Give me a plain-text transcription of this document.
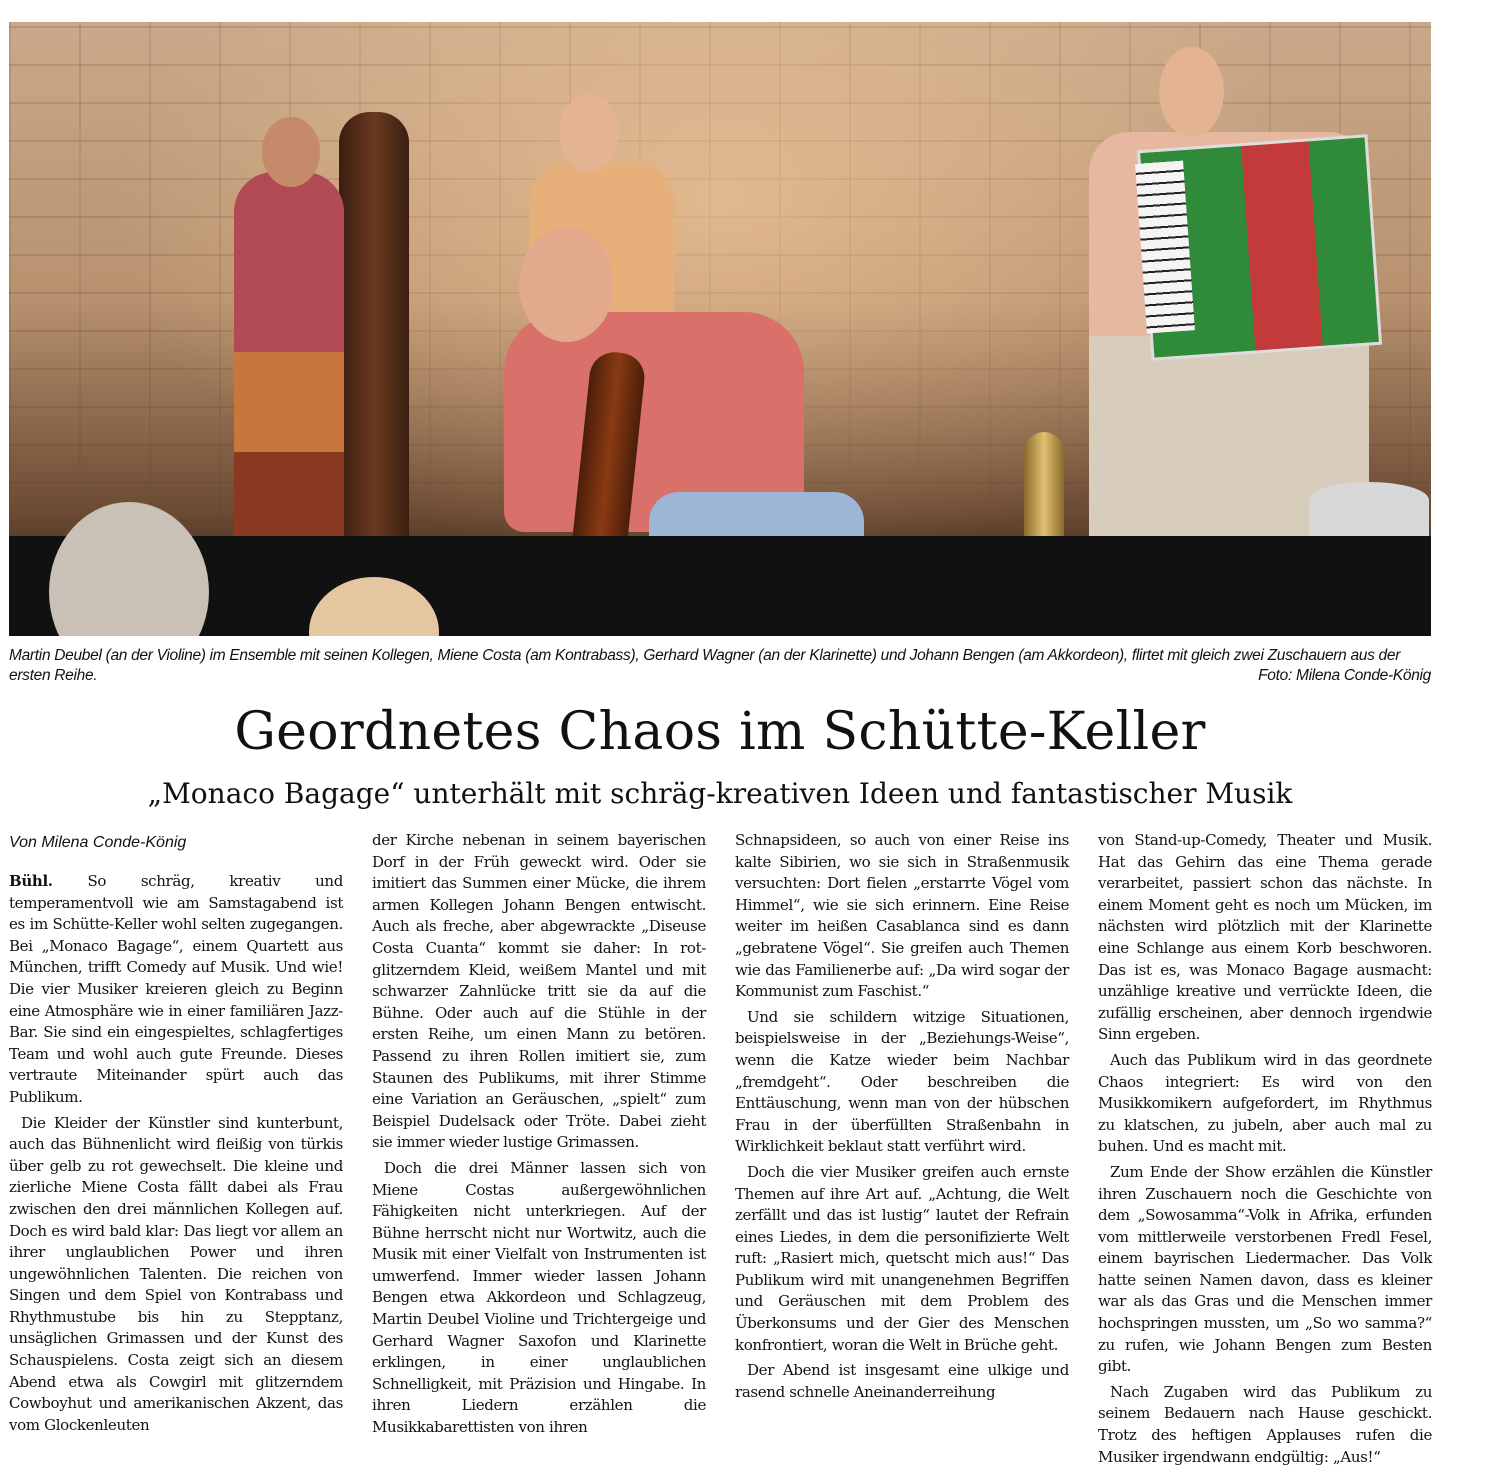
Martin Deubel (an der Violine) im Ensemble mit seinen Kollegen, Miene Costa (am Kontrabass), Gerhard Wagner (an der Klarinette) und Johann Bengen (am Akkordeon), flirtet mit gleich zwei Zuschauern aus der ersten Reihe.	Foto: Milena Conde-König
Geordnetes Chaos im Schütte-Keller
„Monaco Bagage“ unterhält mit schräg-kreativen Ideen und fantastischer Musik
Von Milena Conde-König

Bühl. So schräg, kreativ und temperamentvoll wie am Samstagabend ist es im Schütte-Keller wohl selten zugegangen. Bei „Monaco Bagage“, einem Quartett aus München, trifft Comedy auf Musik. Und wie! Die vier Musiker kreieren gleich zu Beginn eine Atmosphäre wie in einer familiären Jazz-Bar. Sie sind ein eingespieltes, schlagfertiges Team und wohl auch gute Freunde. Dieses vertraute Miteinander spürt auch das Publikum.

Die Kleider der Künstler sind kunterbunt, auch das Bühnenlicht wird fleißig von türkis über gelb zu rot gewechselt. Die kleine und zierliche Miene Costa fällt dabei als Frau zwischen den drei männlichen Kollegen auf. Doch es wird bald klar: Das liegt vor allem an ihrer unglaublichen Power und ihren ungewöhnlichen Talenten. Die reichen von Singen und dem Spiel von Kontrabass und Rhythmustube bis hin zu Stepptanz, unsäglichen Grimassen und der Kunst des Schauspielens. Costa zeigt sich an diesem Abend etwa als Cowgirl mit glitzerndem Cowboyhut und amerikanischen Akzent, das vom Glockenleuten

der Kirche nebenan in seinem bayerischen Dorf in der Früh geweckt wird. Oder sie imitiert das Summen einer Mücke, die ihrem armen Kollegen Johann Bengen entwischt. Auch als freche, aber abgewrackte „Diseuse Costa Cuanta“ kommt sie daher: In rot-glitzerndem Kleid, weißem Mantel und mit schwarzer Zahnlücke tritt sie da auf die Bühne. Oder auch auf die Stühle in der ersten Reihe, um einen Mann zu betören. Passend zu ihren Rollen imitiert sie, zum Staunen des Publikums, mit ihrer Stimme eine Variation an Geräuschen, „spielt“ zum Beispiel Dudelsack oder Tröte. Dabei zieht sie immer wieder lustige Grimassen.

Doch die drei Männer lassen sich von Miene Costas außergewöhnlichen Fähigkeiten nicht unterkriegen. Auf der Bühne herrscht nicht nur Wortwitz, auch die Musik mit einer Vielfalt von Instrumenten ist umwerfend. Immer wieder lassen Johann Bengen etwa Akkordeon und Schlagzeug, Martin Deubel Violine und Trichtergeige und Gerhard Wagner Saxofon und Klarinette erklingen, in einer unglaublichen Schnelligkeit, mit Präzision und Hingabe. In ihren Liedern erzählen die Musikkabarettisten von ihren

Schnapsideen, so auch von einer Reise ins kalte Sibirien, wo sie sich in Straßenmusik versuchten: Dort fielen „erstarrte Vögel vom Himmel“, wie sie sich erinnern. Eine Reise weiter im heißen Casablanca sind es dann „gebratene Vögel“. Sie greifen auch Themen wie das Familienerbe auf: „Da wird sogar der Kommunist zum Faschist.“

Und sie schildern witzige Situationen, beispielsweise in der „Beziehungs-Weise“, wenn die Katze wieder beim Nachbar „fremdgeht“. Oder beschreiben die Enttäuschung, wenn man von der hübschen Frau in der überfüllten Straßenbahn in Wirklichkeit beklaut statt verführt wird.

Doch die vier Musiker greifen auch ernste Themen auf ihre Art auf. „Achtung, die Welt zerfällt und das ist lustig“ lautet der Refrain eines Liedes, in dem die personifizierte Welt ruft: „Rasiert mich, quetscht mich aus!“ Das Publikum wird mit unangenehmen Begriffen und Geräuschen mit dem Problem des Überkonsums und der Gier des Menschen konfrontiert, woran die Welt in Brüche geht.

Der Abend ist insgesamt eine ulkige und rasend schnelle Aneinanderreihung

von Stand-up-Comedy, Theater und Musik. Hat das Gehirn das eine Thema gerade verarbeitet, passiert schon das nächste. In einem Moment geht es noch um Mücken, im nächsten wird plötzlich mit der Klarinette eine Schlange aus einem Korb beschworen. Das ist es, was Monaco Bagage ausmacht: unzählige kreative und verrückte Ideen, die zufällig erscheinen, aber dennoch irgendwie Sinn ergeben.

Auch das Publikum wird in das geordnete Chaos integriert: Es wird von den Musikkomikern aufgefordert, im Rhythmus zu klatschen, zu jubeln, aber auch mal zu buhen. Und es macht mit.

Zum Ende der Show erzählen die Künstler ihren Zuschauern noch die Geschichte von dem „Sowosamma“-Volk in Afrika, erfunden vom mittlerweile verstorbenen Fredl Fesel, einem bayrischen Liedermacher. Das Volk hatte seinen Namen davon, dass es kleiner war als das Gras und die Menschen immer hochspringen mussten, um „So wo samma?“ zu rufen, wie Johann Bengen zum Besten gibt.

Nach Zugaben wird das Publikum zu seinem Bedauern nach Hause geschickt. Trotz des heftigen Applauses rufen die Musiker irgendwann endgültig: „Aus!“
